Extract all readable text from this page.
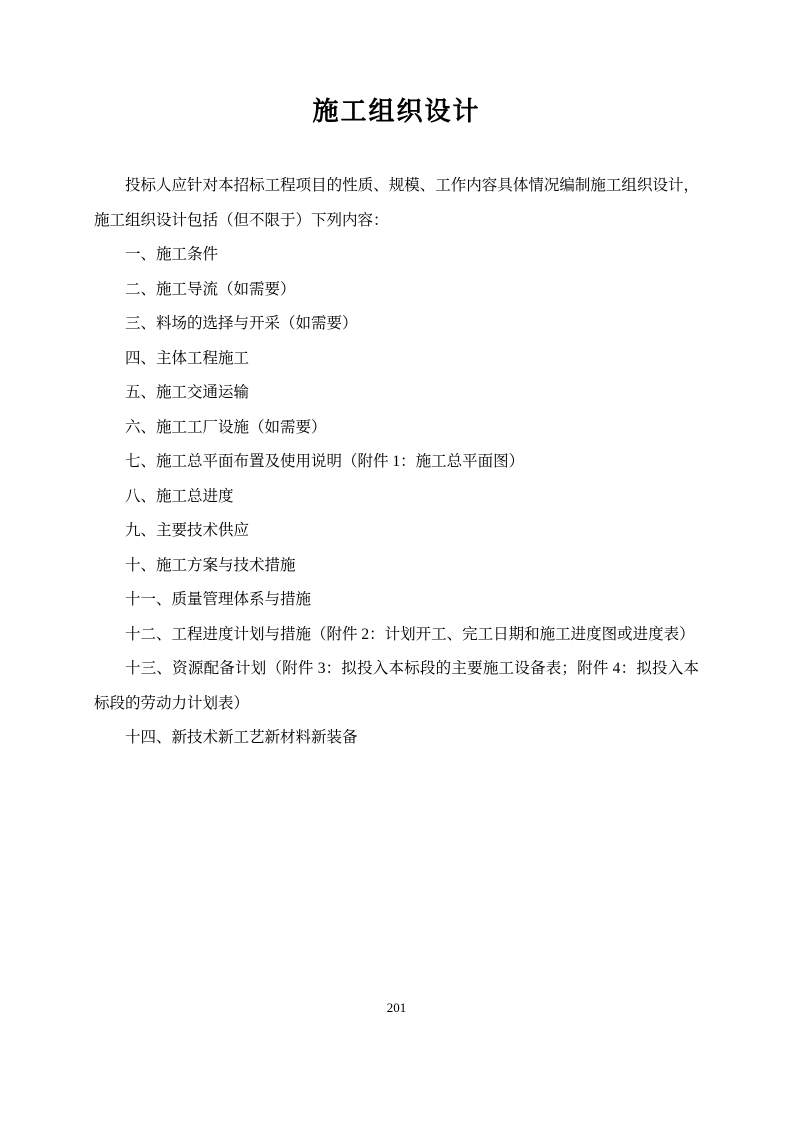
施工组织设计

投标人应针对本招标工程项目的性质、规模、工作内容具体情况编制施工组织设计，施工组织设计包括（但不限于）下列内容：

一、施工条件
二、施工导流（如需要）
三、料场的选择与开采（如需要）
四、主体工程施工
五、施工交通运输
六、施工工厂设施（如需要）
七、施工总平面布置及使用说明（附件 1：施工总平面图）
八、施工总进度
九、主要技术供应
十、施工方案与技术措施
十一、质量管理体系与措施
十二、工程进度计划与措施（附件 2：计划开工、完工日期和施工进度图或进度表）
十三、资源配备计划（附件 3：拟投入本标段的主要施工设备表；附件 4：拟投入本标段的劳动力计划表）
十四、新技术新工艺新材料新装备
201
